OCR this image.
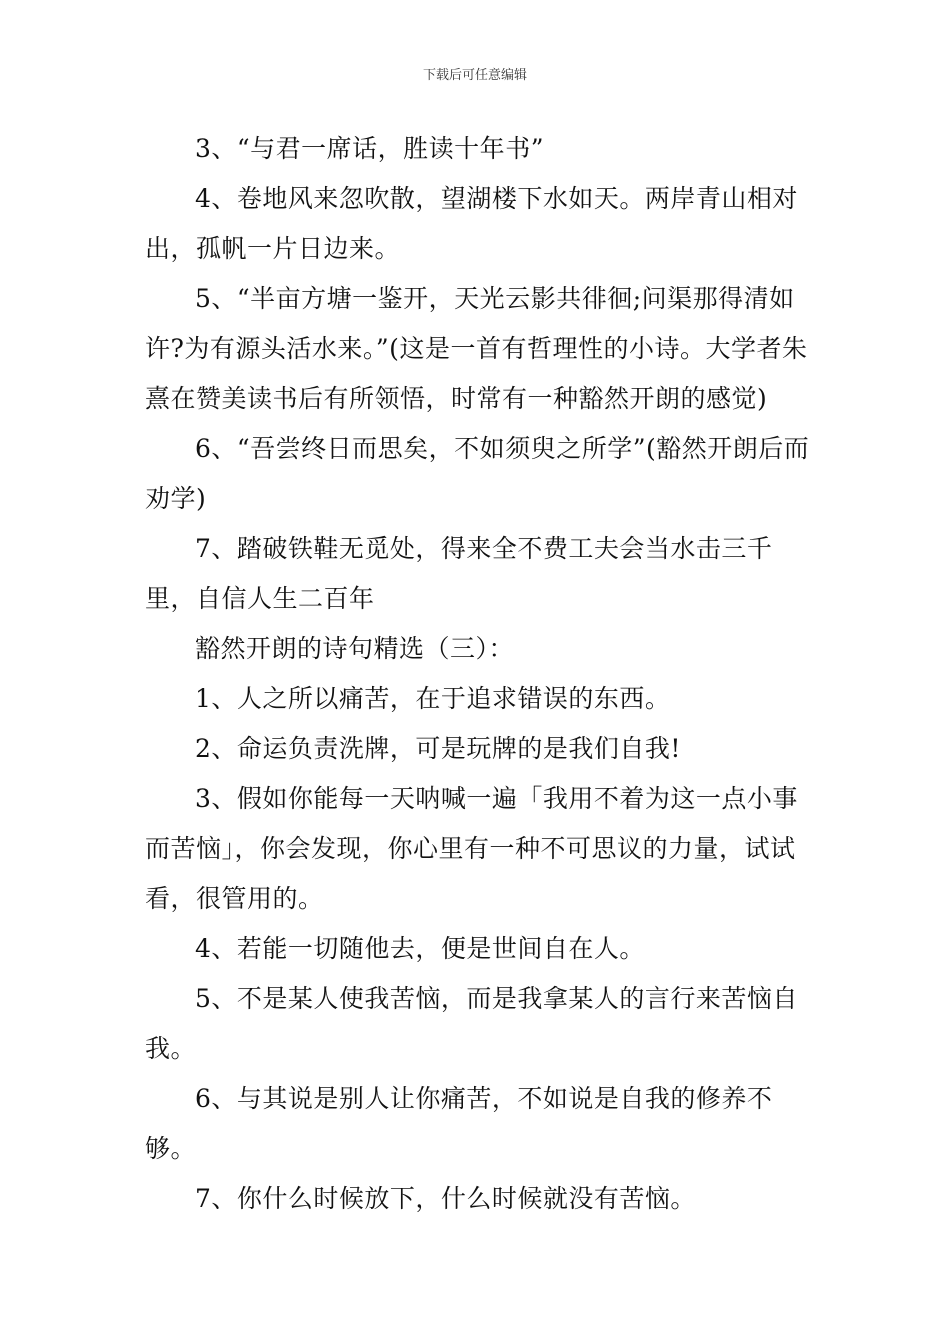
下载后可任意编辑

3、“与君一席话，胜读十年书”

4、卷地风来忽吹散，望湖楼下水如天。两岸青山相对出，孤帆一片日边来。

5、“半亩方塘一鉴开，天光云影共徘徊;问渠那得清如许?为有源头活水来。”(这是一首有哲理性的小诗。大学者朱熹在赞美读书后有所领悟，时常有一种豁然开朗的感觉)

6、“吾尝终日而思矣，不如须臾之所学”(豁然开朗后而劝学)

7、踏破铁鞋无觅处，得来全不费工夫会当水击三千里，自信人生二百年

豁然开朗的诗句精选（三）：

1、人之所以痛苦，在于追求错误的东西。

2、命运负责洗牌，可是玩牌的是我们自我!

3、假如你能每一天呐喊一遍「我用不着为这一点小事而苦恼」，你会发现，你心里有一种不可思议的力量，试试看，很管用的。

4、若能一切随他去，便是世间自在人。

5、不是某人使我苦恼，而是我拿某人的言行来苦恼自我。

6、与其说是别人让你痛苦，不如说是自我的修养不够。

7、你什么时候放下，什么时候就没有苦恼。
